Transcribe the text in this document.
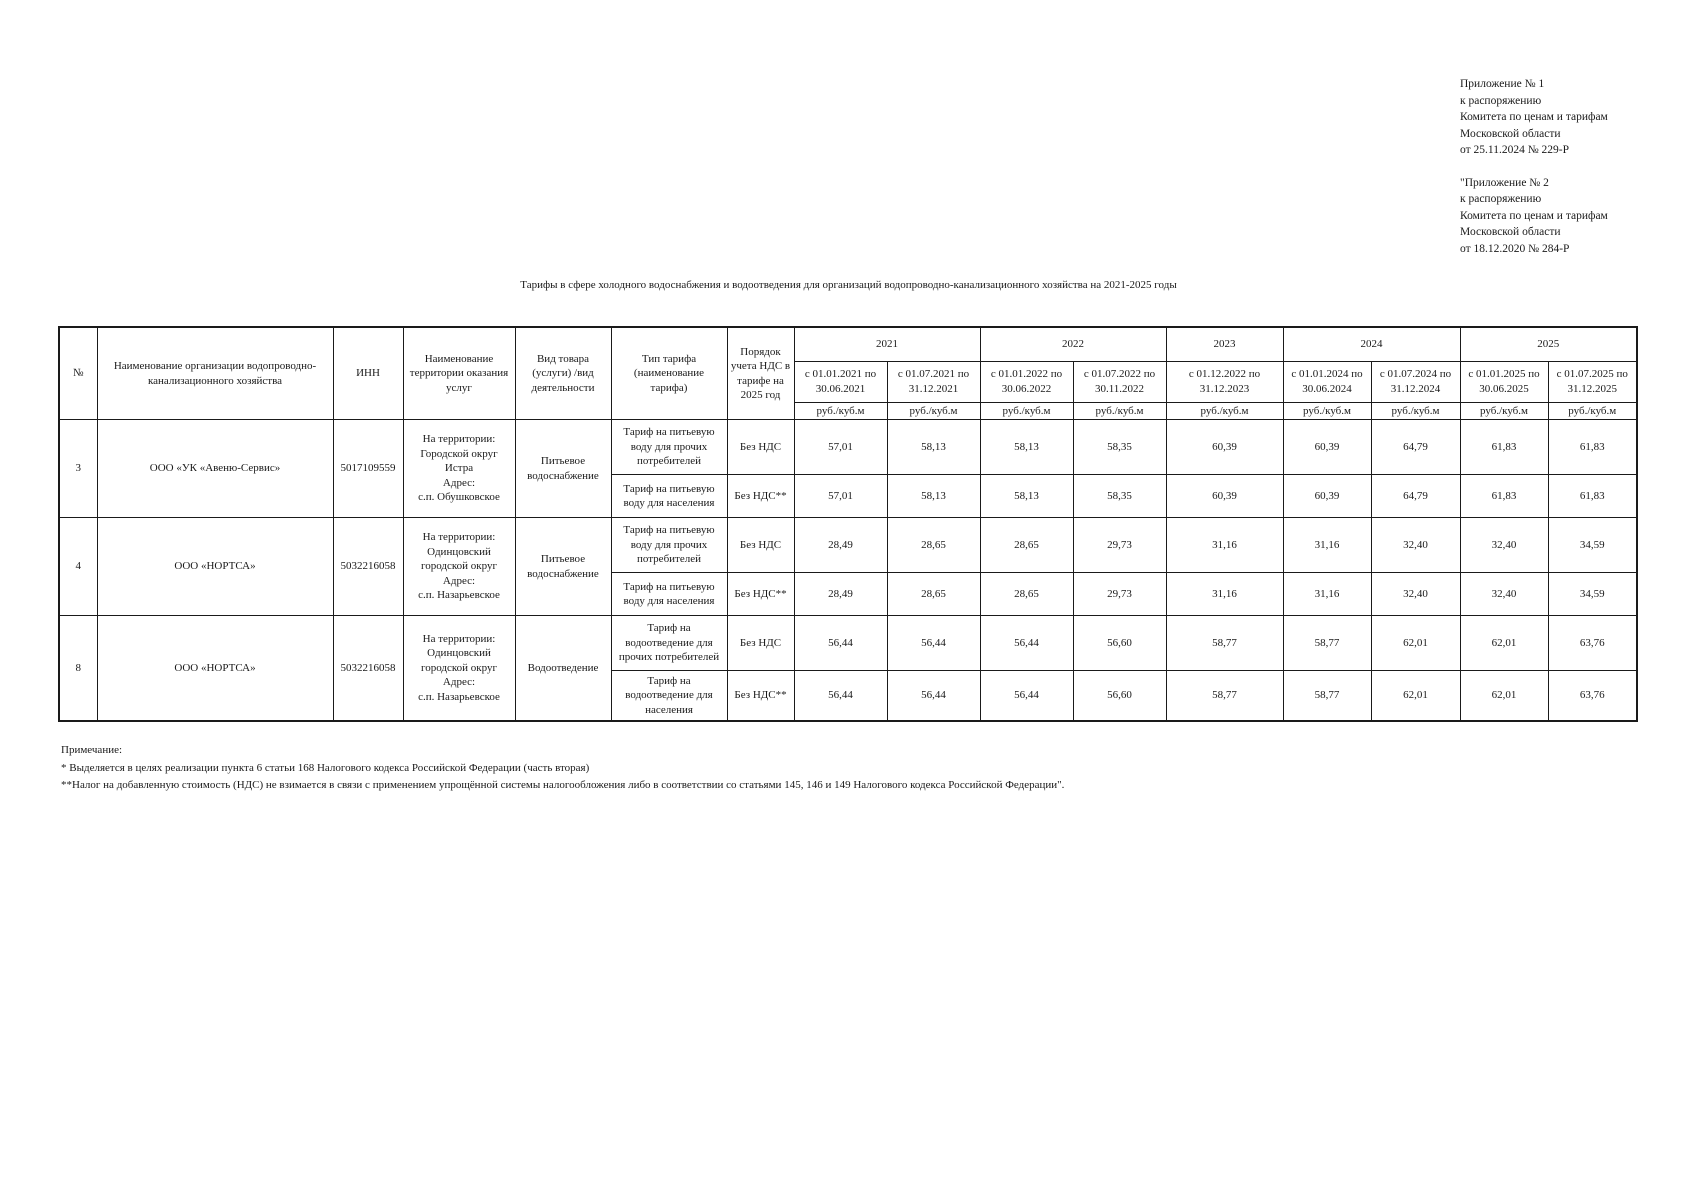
Приложение № 1
к распоряжению
Комитета по ценам и тарифам
Московской области
от 25.11.2024 № 229-Р
"Приложение № 2
к распоряжению
Комитета по ценам и тарифам
Московской области
от 18.12.2020 № 284-Р
Тарифы в сфере холодного водоснабжения и водоотведения для организаций водопроводно-канализационного хозяйства на 2021-2025 годы
№	Наименование организации водопроводно-канализационного хозяйства	ИНН	Наименование территории оказания услуг	Вид товара (услуги) /вид деятельности	Тип тарифа (наименование тарифа)	Порядок учета НДС в тарифе на 2025 год	2021		2022		2023	2024		2025	
							с 01.01.2021 по 30.06.2021	с 01.07.2021 по 31.12.2021	с 01.01.2022 по 30.06.2022	с 01.07.2022 по 30.11.2022	с 01.12.2022 по 31.12.2023	с 01.01.2024 по 30.06.2024	с 01.07.2024 по 31.12.2024	с 01.01.2025 по 30.06.2025	с 01.07.2025 по 31.12.2025
							руб./куб.м	руб./куб.м	руб./куб.м	руб./куб.м	руб./куб.м	руб./куб.м	руб./куб.м	руб./куб.м	руб./куб.м
3	ООО «УК «Авеню-Сервис»	5017109559	На территории:
Городской округ
Истра
Адрес:
с.п. Обушковское	Питьевое водоснабжение	Тариф на питьевую воду для прочих потребителей	Без НДС	57,01	58,13	58,13	58,35	60,39	60,39	64,79	61,83	61,83
					Тариф на питьевую воду для населения	Без НДС**	57,01	58,13	58,13	58,35	60,39	60,39	64,79	61,83	61,83
4	ООО «НОРТСА»	5032216058	На территории:
Одинцовский
городской округ
Адрес:
с.п. Назарьевское	Питьевое водоснабжение	Тариф на питьевую воду для прочих потребителей	Без НДС	28,49	28,65	28,65	29,73	31,16	31,16	32,40	32,40	34,59
					Тариф на питьевую воду для населения	Без НДС**	28,49	28,65	28,65	29,73	31,16	31,16	32,40	32,40	34,59
8	ООО «НОРТСА»	5032216058	На территории:
Одинцовский
городской округ
Адрес:
с.п. Назарьевское	Водоотведение	Тариф на водоотведение для прочих потребителей	Без НДС	56,44	56,44	56,44	56,60	58,77	58,77	62,01	62,01	63,76
					Тариф на водоотведение для населения	Без НДС**	56,44	56,44	56,44	56,60	58,77	58,77	62,01	62,01	63,76
Примечание:
* Выделяется в целях реализации пункта 6 статьи 168 Налогового кодекса Российской Федерации (часть вторая)
**Налог на добавленную стоимость (НДС) не взимается в связи с применением упрощённой системы налогообложения либо в соответствии со статьями 145, 146 и 149 Налогового кодекса Российской Федерации".
